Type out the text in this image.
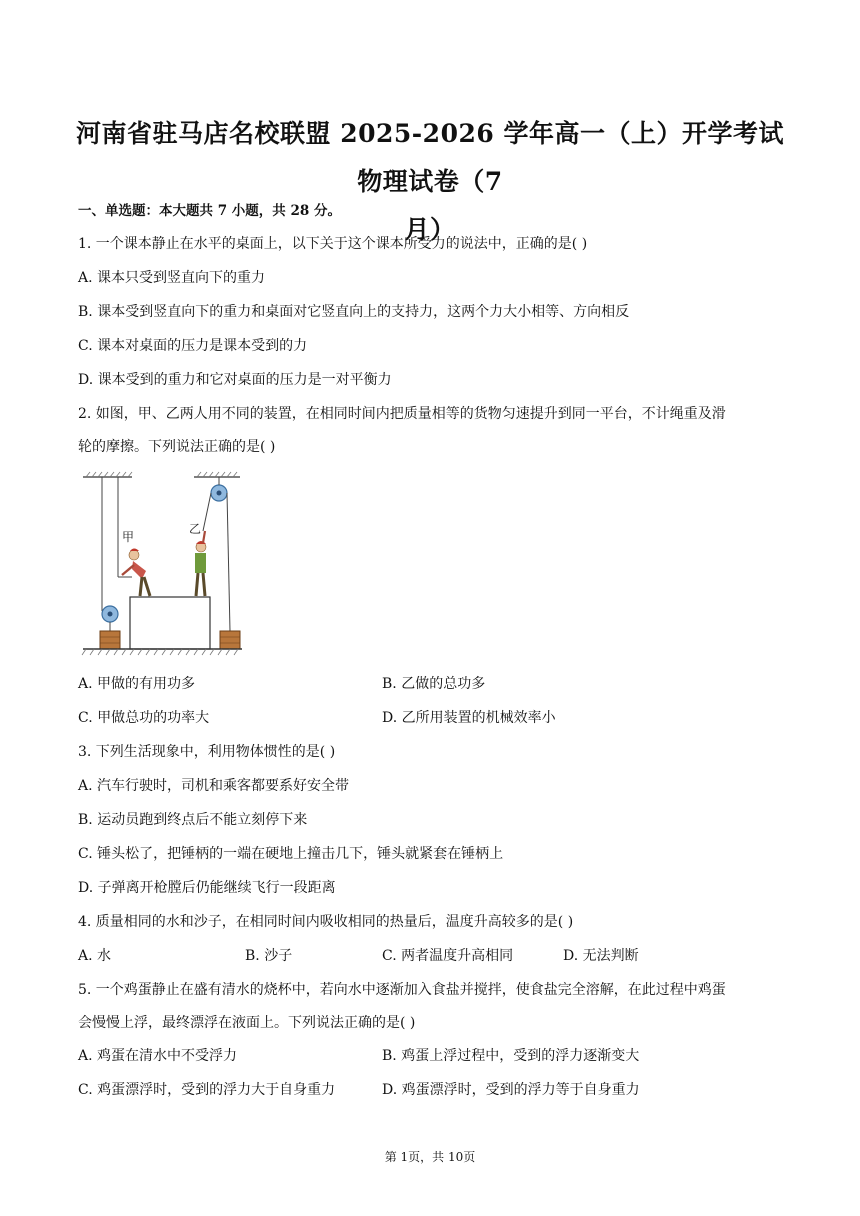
河南省驻马店名校联盟 2025-2026 学年高一（上）开学考试物理试卷（7
月）
一、单选题：本大题共 7 小题，共 28 分。
1. 一个课本静止在水平的桌面上，以下关于这个课本所受力的说法中，正确的是( )
A. 课本只受到竖直向下的重力
B. 课本受到竖直向下的重力和桌面对它竖直向上的支持力，这两个力大小相等、方向相反
C. 课本对桌面的压力是课本受到的力
D. 课本受到的重力和它对桌面的压力是一对平衡力
2. 如图，甲、乙两人用不同的装置，在相同时间内把质量相等的货物匀速提升到同一平台，不计绳重及滑
轮的摩擦。下列说法正确的是( )
甲
乙
A. 甲做的有用功多	B. 乙做的总功多
C. 甲做总功的功率大	D. 乙所用装置的机械效率小
3. 下列生活现象中，利用物体惯性的是( )
A. 汽车行驶时，司机和乘客都要系好安全带
B. 运动员跑到终点后不能立刻停下来
C. 锤头松了，把锤柄的一端在硬地上撞击几下，锤头就紧套在锤柄上
D. 子弹离开枪膛后仍能继续飞行一段距离
4. 质量相同的水和沙子，在相同时间内吸收相同的热量后，温度升高较多的是( )
A. 水	B. 沙子	C. 两者温度升高相同	D. 无法判断
5. 一个鸡蛋静止在盛有清水的烧杯中，若向水中逐渐加入食盐并搅拌，使食盐完全溶解，在此过程中鸡蛋
会慢慢上浮，最终漂浮在液面上。下列说法正确的是( )
A. 鸡蛋在清水中不受浮力	B. 鸡蛋上浮过程中，受到的浮力逐渐变大
C. 鸡蛋漂浮时，受到的浮力大于自身重力	D. 鸡蛋漂浮时，受到的浮力等于自身重力
第 1页，共 10页
